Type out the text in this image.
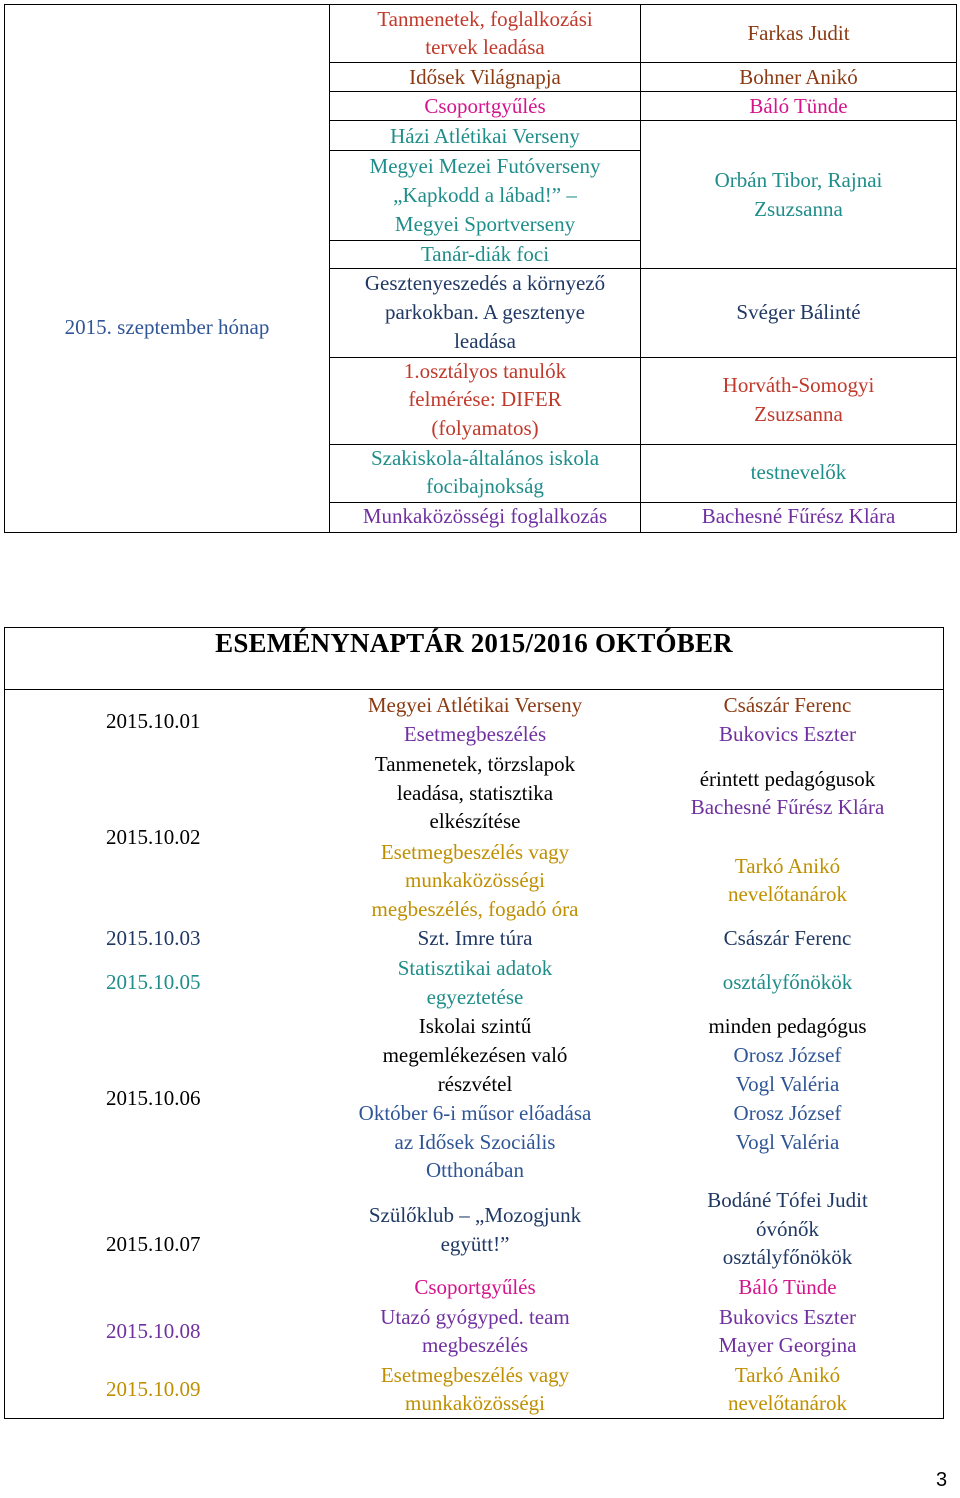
2015. szeptember hónap
Tanmenetek, foglalkozási
tervek leadása
Idősek Világnapja
Csoportgyűlés
Házi Atlétikai Verseny
Megyei Mezei Futóverseny
„Kapkodd a lábad!” –
Megyei Sportverseny
Tanár-diák foci
Gesztenyeszedés a környező
parkokban. A gesztenye
leadása
1.osztályos tanulók
felmérése: DIFER
(folyamatos)
Szakiskola-általános iskola
focibajnokság
Munkaközösségi foglalkozás
Farkas Judit
Bohner Anikó
Báló Tünde
Orbán Tibor, Rajnai
Zsuzsanna
Svéger Bálinté
Horváth-Somogyi
Zsuzsanna
testnevelők
Bachesné Fűrész Klára
ESEMÉNYNAPTÁR 2015/2016 OKTÓBER
2015.10.01
2015.10.02
2015.10.03
2015.10.05
2015.10.06
2015.10.07
2015.10.08
2015.10.09
Megyei Atlétikai Verseny
Esetmegbeszélés
Tanmenetek, törzslapok
leadása, statisztika
elkészítése
Esetmegbeszélés vagy
munkaközösségi
megbeszélés, fogadó óra
Szt. Imre túra
Statisztikai adatok
egyeztetése
Iskolai szintű
megemlékezésen való
részvétel
Október 6-i műsor előadása
az Idősek Szociális
Otthonában
Szülőklub – „Mozogjunk
együtt!”
Csoportgyűlés
Utazó gyógyped. team
megbeszélés
Esetmegbeszélés vagy
munkaközösségi
Császár Ferenc
Bukovics Eszter
érintett pedagógusok
Bachesné Fűrész Klára
Tarkó Anikó
nevelőtanárok
Császár Ferenc
osztályfőnökök
minden pedagógus
Orosz József
Vogl Valéria
Orosz József
Vogl Valéria
Bodáné Tófei Judit
óvónők
osztályfőnökök
Báló Tünde
Bukovics Eszter
Mayer Georgina
Tarkó Anikó
nevelőtanárok
3
